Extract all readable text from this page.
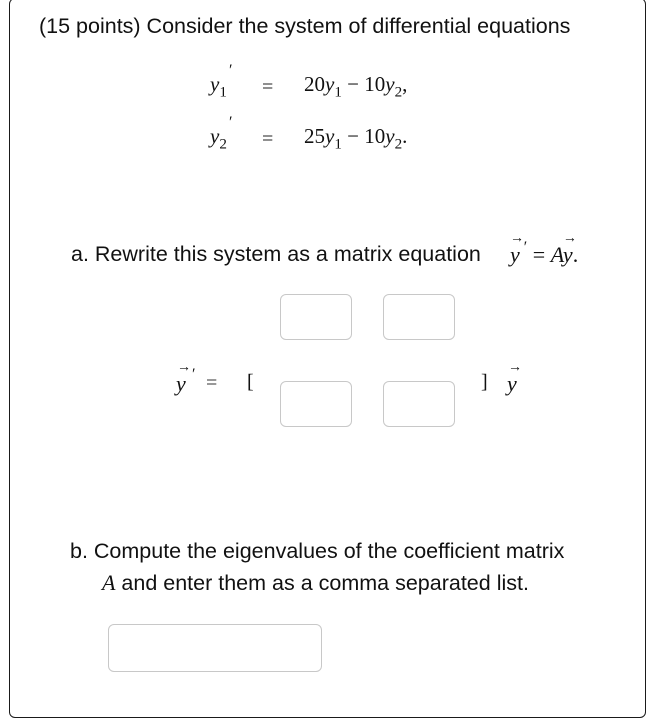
(15 points) Consider the system of differential equations
$y_1$
′
= $20y_1 - 10y_2$,
$y_2$
′
= $25y_1 - 10y_2$.
a. Rewrite this system as a matrix equation y
→
′ = Ay
→
.
y
→ ′ = [	] y
→
b. Compute the eigenvalues of the coefficient matrix
A and enter them as a comma separated list.
